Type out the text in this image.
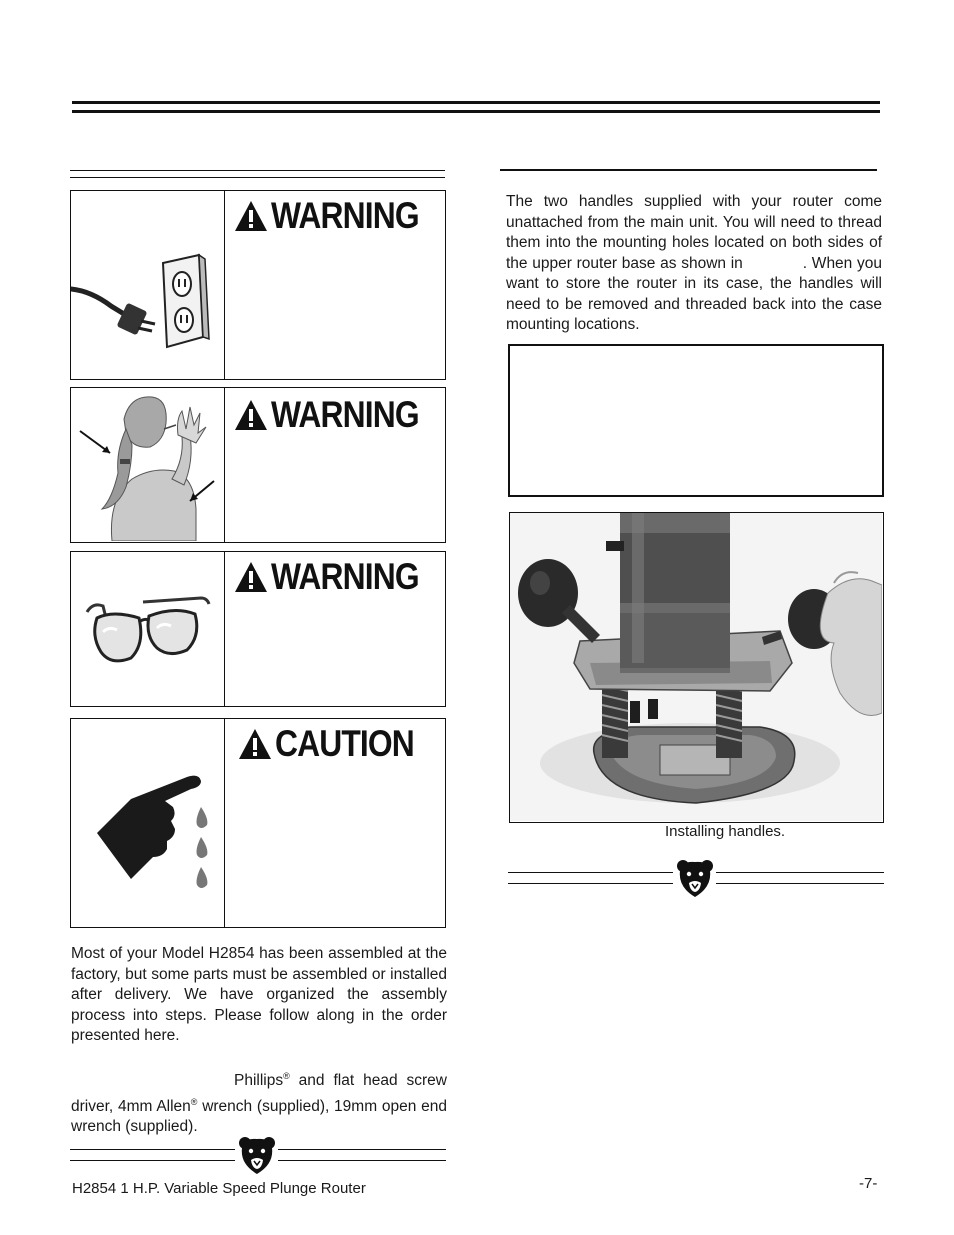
WARNING
WARNING
WARNING
CAUTION
Most of your Model H2854 has been assembled at the factory, but some parts must be assembled or installed after delivery. We have organized the assembly process into steps. Please follow along in the order presented here.
Phillips® and flat head screw driver, 4mm Allen® wrench (supplied), 19mm open end wrench (supplied).
The two handles supplied with your router come unattached from the main unit. You will need to thread them into the mounting holes located on both sides of the upper router base as shown in	. When you want to store the router in its case, the handles will need to be removed and threaded back into the case mounting locations.
Installing handles.
H2854 1 H.P. Variable Speed Plunge Router	-7-
